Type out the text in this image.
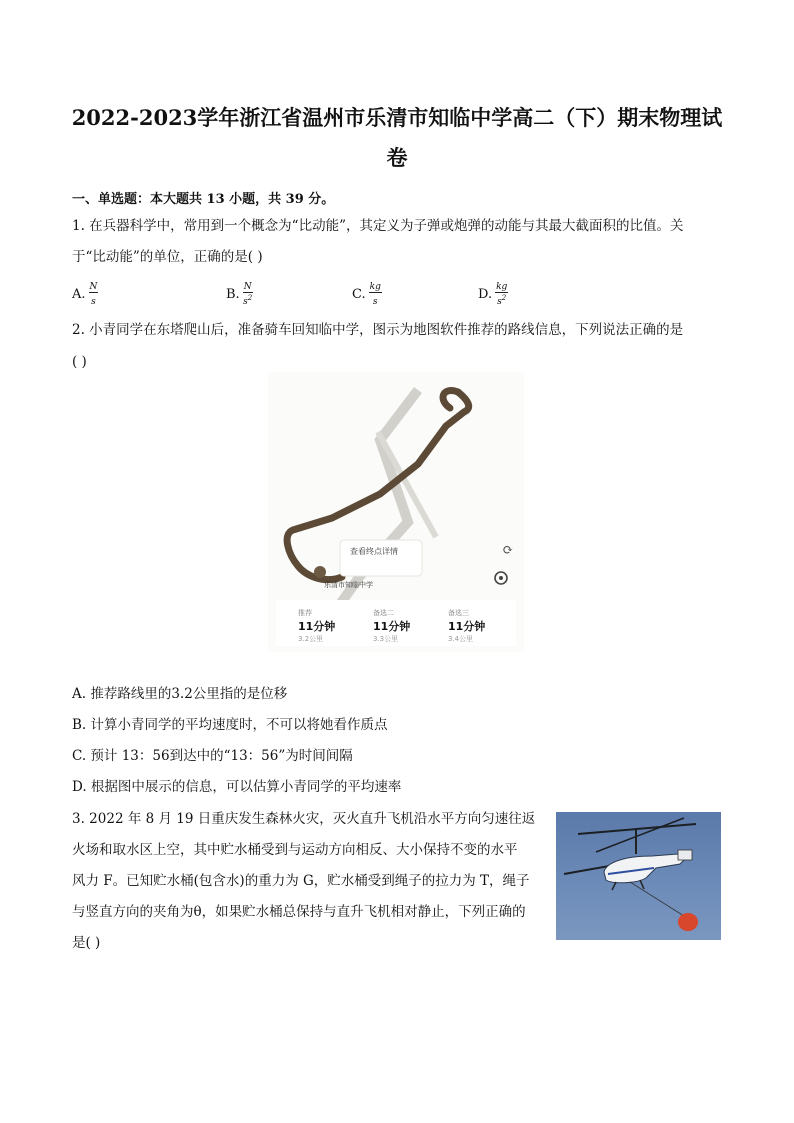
2022-2023学年浙江省温州市乐清市知临中学高二（下）期末物理试
卷
一、单选题：本大题共 13 小题，共 39 分。
1. 在兵器科学中，常用到一个概念为“比动能”，其定义为子弹或炮弹的动能与其最大截面积的比值。关
于“比动能”的单位，正确的是( )
A. $\frac{N}{s}$	B. $\frac{N}{s^2}$	C. $\frac{kg}{s}$	D. $\frac{kg}{s^2}$
2. 小青同学在东塔爬山后，准备骑车回知临中学，图示为地图软件推荐的路线信息，下列说法正确的是
( )
⟳
查看终点详情
乐清市知临中学
推荐
11分钟
3.2公里
备选二
11分钟
3.3公里
备选三
11分钟
3.4公里
A. 推荐路线里的3.2公里指的是位移
B. 计算小青同学的平均速度时，不可以将她看作质点
C. 预计 13：56到达中的“13：56”为时间间隔
D. 根据图中展示的信息，可以估算小青同学的平均速率
3. 2022 年 8 月 19 日重庆发生森林火灾，灭火直升飞机沿水平方向匀速往返
火场和取水区上空，其中贮水桶受到与运动方向相反、大小保持不变的水平
风力 F。已知贮水桶(包含水)的重力为 G，贮水桶受到绳子的拉力为 T，绳子
与竖直方向的夹角为θ，如果贮水桶总保持与直升飞机相对静止，下列正确的
是( )
